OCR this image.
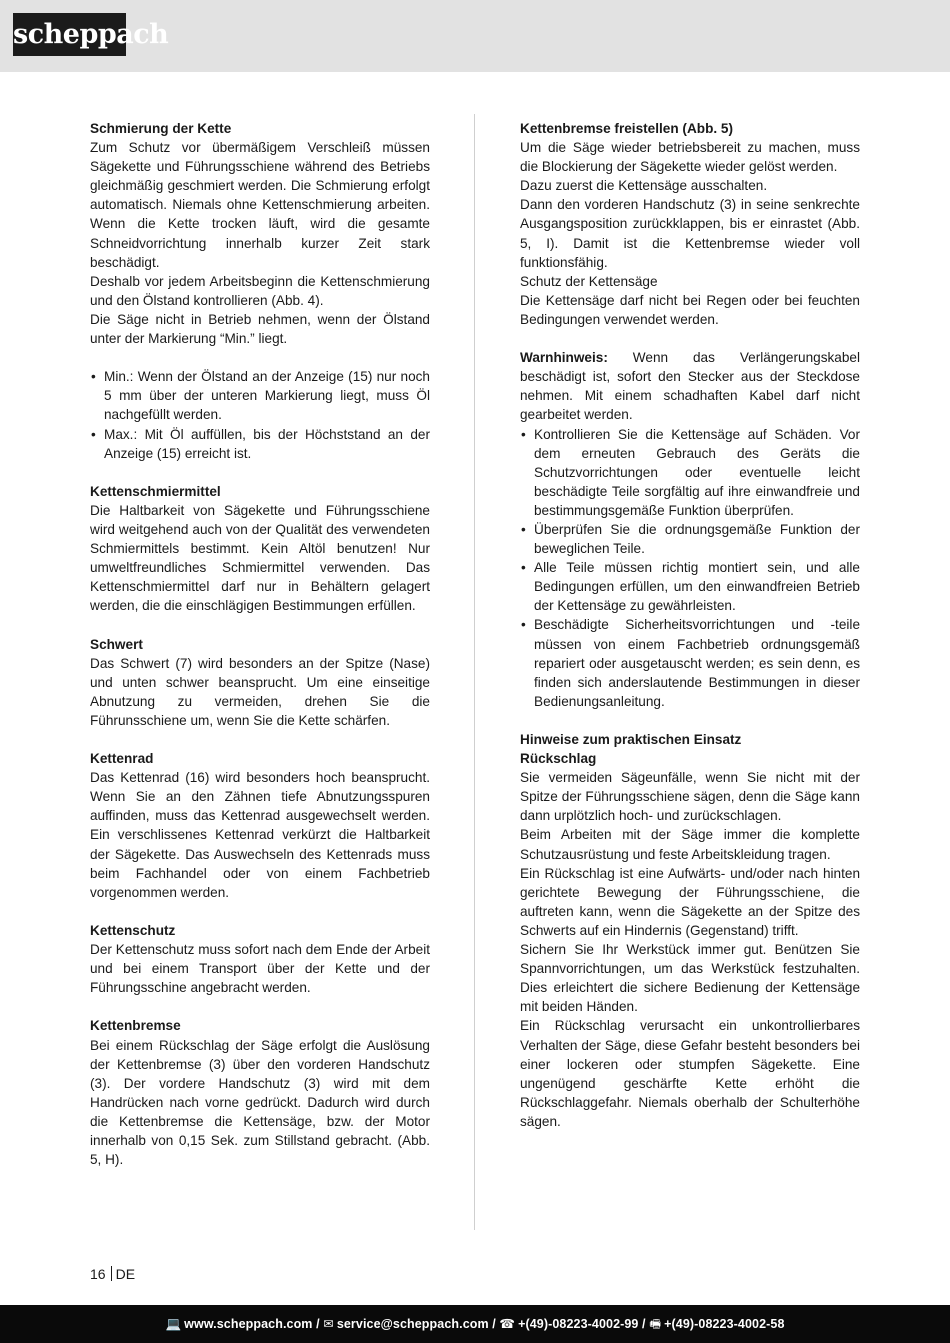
scheppach
Schmierung der Kette
Zum Schutz vor übermäßigem Verschleiß müssen Sägekette und Führungsschiene während des Betriebs gleichmäßig geschmiert werden. Die Schmierung erfolgt automatisch. Niemals ohne Kettenschmierung arbeiten. Wenn die Kette trocken läuft, wird die gesamte Schneidvorrichtung innerhalb kurzer Zeit stark beschädigt.
Deshalb vor jedem Arbeitsbeginn die Kettenschmierung und den Ölstand kontrollieren (Abb. 4).
Die Säge nicht in Betrieb nehmen, wenn der Ölstand unter der Markierung “Min.” liegt.
• Min.: Wenn der Ölstand an der Anzeige (15) nur noch 5 mm über der unteren Markierung liegt, muss Öl nachgefüllt werden.
• Max.: Mit Öl auffüllen, bis der Höchststand an der Anzeige (15) erreicht ist.
Kettenschmiermittel
Die Haltbarkeit von Sägekette und Führungsschiene wird weitgehend auch von der Qualität des verwendeten Schmiermittels bestimmt. Kein Altöl benutzen! Nur umweltfreundliches Schmiermittel verwenden. Das Kettenschmiermittel darf nur in Behältern gelagert werden, die die einschlägigen Bestimmungen erfüllen.
Schwert
Das Schwert (7) wird besonders an der Spitze (Nase) und unten schwer beansprucht. Um eine einseitige Abnutzung zu vermeiden, drehen Sie die Führunsschiene um, wenn Sie die Kette schärfen.
Kettenrad
Das Kettenrad (16) wird besonders hoch beansprucht. Wenn Sie an den Zähnen tiefe Abnutzungsspuren auffinden, muss das Kettenrad ausgewechselt werden. Ein verschlissenes Kettenrad verkürzt die Haltbarkeit der Sägekette. Das Auswechseln des Kettenrads muss beim Fachhandel oder von einem Fachbetrieb vorgenommen werden.
Kettenschutz
Der Kettenschutz muss sofort nach dem Ende der Arbeit und bei einem Transport über der Kette und der Führungsschine angebracht werden.
Kettenbremse
Bei einem Rückschlag der Säge erfolgt die Auslösung der Kettenbremse (3) über den vorderen Handschutz (3). Der vordere Handschutz (3) wird mit dem Handrücken nach vorne gedrückt. Dadurch wird durch die Kettenbremse die Kettensäge, bzw. der Motor innerhalb von 0,15 Sek. zum Stillstand gebracht. (Abb. 5, H).
Kettenbremse freistellen (Abb. 5)
Um die Säge wieder betriebsbereit zu machen, muss die Blockierung der Sägekette wieder gelöst werden.
Dazu zuerst die Kettensäge ausschalten.
Dann den vorderen Handschutz (3) in seine senkrechte Ausgangsposition zurückklappen, bis er einrastet (Abb. 5, I). Damit ist die Kettenbremse wieder voll funktionsfähig.
Schutz der Kettensäge
Die Kettensäge darf nicht bei Regen oder bei feuchten Bedingungen verwendet werden.
Warnhinweis: Wenn das Verlängerungskabel beschädigt ist, sofort den Stecker aus der Steckdose nehmen. Mit einem schadhaften Kabel darf nicht gearbeitet werden.
• Kontrollieren Sie die Kettensäge auf Schäden. Vor dem erneuten Gebrauch des Geräts die Schutzvorrichtungen oder eventuelle leicht beschädigte Teile sorgfältig auf ihre einwandfreie und bestimmungsgemäße Funktion überprüfen.
• Überprüfen Sie die ordnungsgemäße Funktion der beweglichen Teile.
• Alle Teile müssen richtig montiert sein, und alle Bedingungen erfüllen, um den einwandfreien Betrieb der Kettensäge zu gewährleisten.
• Beschädigte Sicherheitsvorrichtungen und -teile müssen von einem Fachbetrieb ordnungsgemäß repariert oder ausgetauscht werden; es sein denn, es finden sich anderslautende Bestimmungen in dieser Bedienungsanleitung.
Hinweise zum praktischen Einsatz
Rückschlag
Sie vermeiden Sägeunfälle, wenn Sie nicht mit der Spitze der Führungsschiene sägen, denn die Säge kann dann urplötzlich hoch- und zurückschlagen.
Beim Arbeiten mit der Säge immer die komplette Schutzausrüstung und feste Arbeitskleidung tragen.
Ein Rückschlag ist eine Aufwärts- und/oder nach hinten gerichtete Bewegung der Führungsschiene, die auftreten kann, wenn die Sägekette an der Spitze des Schwerts auf ein Hindernis (Gegenstand) trifft.
Sichern Sie Ihr Werkstück immer gut. Benützen Sie Spannvorrichtungen, um das Werkstück festzuhalten. Dies erleichtert die sichere Bedienung der Kettensäge mit beiden Händen.
Ein Rückschlag verursacht ein unkontrollierbares Verhalten der Säge, diese Gefahr besteht besonders bei einer lockeren oder stumpfen Sägekette. Eine ungenügend geschärfte Kette erhöht die Rückschlaggefahr. Niemals oberhalb der Schulterhöhe sägen.
16 DE
💻 www.scheppach.com / ✉ service@scheppach.com / ☎ +(49)-08223-4002-99 / 🖷 +(49)-08223-4002-58
